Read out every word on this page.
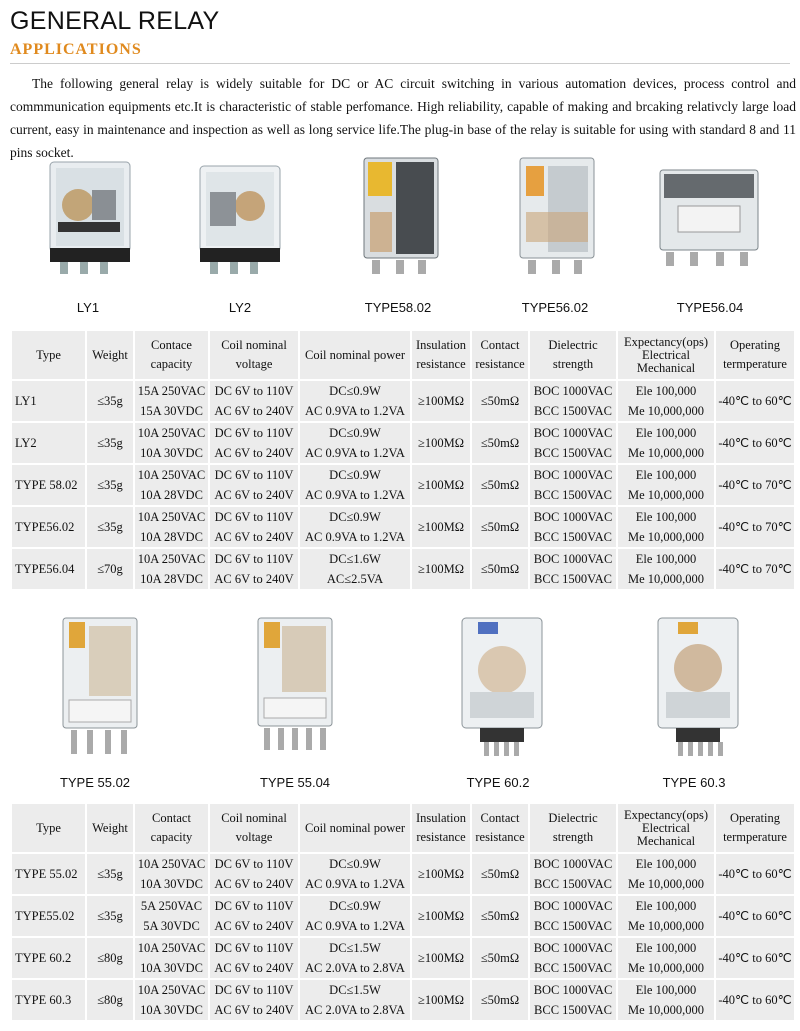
GENERAL RELAY
APPLICATIONS

The following general relay is widely suitable for DC or AC circuit switching in various automation devices, process control and commmunication equipments etc.It is characteristic of stable perfomance. High reliability, capable of making and brcaking relativcly large load current, easy in maintenance and inspection as well as long service life.The plug-in base of the relay is suitable for using with standard 8 and 11 pins socket.

LY1	LY2	TYPE58.02	TYPE56.02	TYPE56.04
Type	Weight	Contace
capacity	Coil nominal
voltage	Coil nominal power	Insulation
resistance	Contact
resistance	Dielectric
strength	Expectancy(ops)
Electrical
Mechanical	Operating
termperature

LY1	≤35g	15A 250VAC
15A 30VDC	DC 6V to 110V
AC 6V to 240V	DC≤0.9W
AC 0.9VA to 1.2VA	≥100MΩ	≤50mΩ	BOC 1000VAC
BCC 1500VAC	Ele 100,000
Me 10,000,000	-40℃ to 60℃
LY2	≤35g	10A 250VAC
10A 30VDC	DC 6V to 110V
AC 6V to 240V	DC≤0.9W
AC 0.9VA to 1.2VA	≥100MΩ	≤50mΩ	BOC 1000VAC
BCC 1500VAC	Ele 100,000
Me 10,000,000	-40℃ to 60℃
TYPE 58.02	≤35g	10A 250VAC
10A 28VDC	DC 6V to 110V
AC 6V to 240V	DC≤0.9W
AC 0.9VA to 1.2VA	≥100MΩ	≤50mΩ	BOC 1000VAC
BCC 1500VAC	Ele 100,000
Me 10,000,000	-40℃ to 70℃
TYPE56.02	≤35g	10A 250VAC
10A 28VDC	DC 6V to 110V
AC 6V to 240V	DC≤0.9W
AC 0.9VA to 1.2VA	≥100MΩ	≤50mΩ	BOC 1000VAC
BCC 1500VAC	Ele 100,000
Me 10,000,000	-40℃ to 70℃
TYPE56.04	≤70g	10A 250VAC
10A 28VDC	DC 6V to 110V
AC 6V to 240V	DC≤1.6W
AC≤2.5VA	≥100MΩ	≤50mΩ	BOC 1000VAC
BCC 1500VAC	Ele 100,000
Me 10,000,000	-40℃ to 70℃
TYPE 55.02	TYPE 55.04	TYPE 60.2	TYPE 60.3
Type	Weight	Contact
capacity	Coil nominal
voltage	Coil nominal power	Insulation
resistance	Contact
resistance	Dielectric
strength	Expectancy(ops)
Electrical
Mechanical	Operating
termperature

TYPE 55.02	≤35g	10A 250VAC
10A 30VDC	DC 6V to 110V
AC 6V to 240V	DC≤0.9W
AC 0.9VA to 1.2VA	≥100MΩ	≤50mΩ	BOC 1000VAC
BCC 1500VAC	Ele 100,000
Me 10,000,000	-40℃ to 60℃
TYPE55.02	≤35g	5A 250VAC
5A 30VDC	DC 6V to 110V
AC 6V to 240V	DC≤0.9W
AC 0.9VA to 1.2VA	≥100MΩ	≤50mΩ	BOC 1000VAC
BCC 1500VAC	Ele 100,000
Me 10,000,000	-40℃ to 60℃
TYPE 60.2	≤80g	10A 250VAC
10A 30VDC	DC 6V to 110V
AC 6V to 240V	DC≤1.5W
AC 2.0VA to 2.8VA	≥100MΩ	≤50mΩ	BOC 1000VAC
BCC 1500VAC	Ele 100,000
Me 10,000,000	-40℃ to 60℃
TYPE 60.3	≤80g	10A 250VAC
10A 30VDC	DC 6V to 110V
AC 6V to 240V	DC≤1.5W
AC 2.0VA to 2.8VA	≥100MΩ	≤50mΩ	BOC 1000VAC
BCC 1500VAC	Ele 100,000
Me 10,000,000	-40℃ to 60℃
